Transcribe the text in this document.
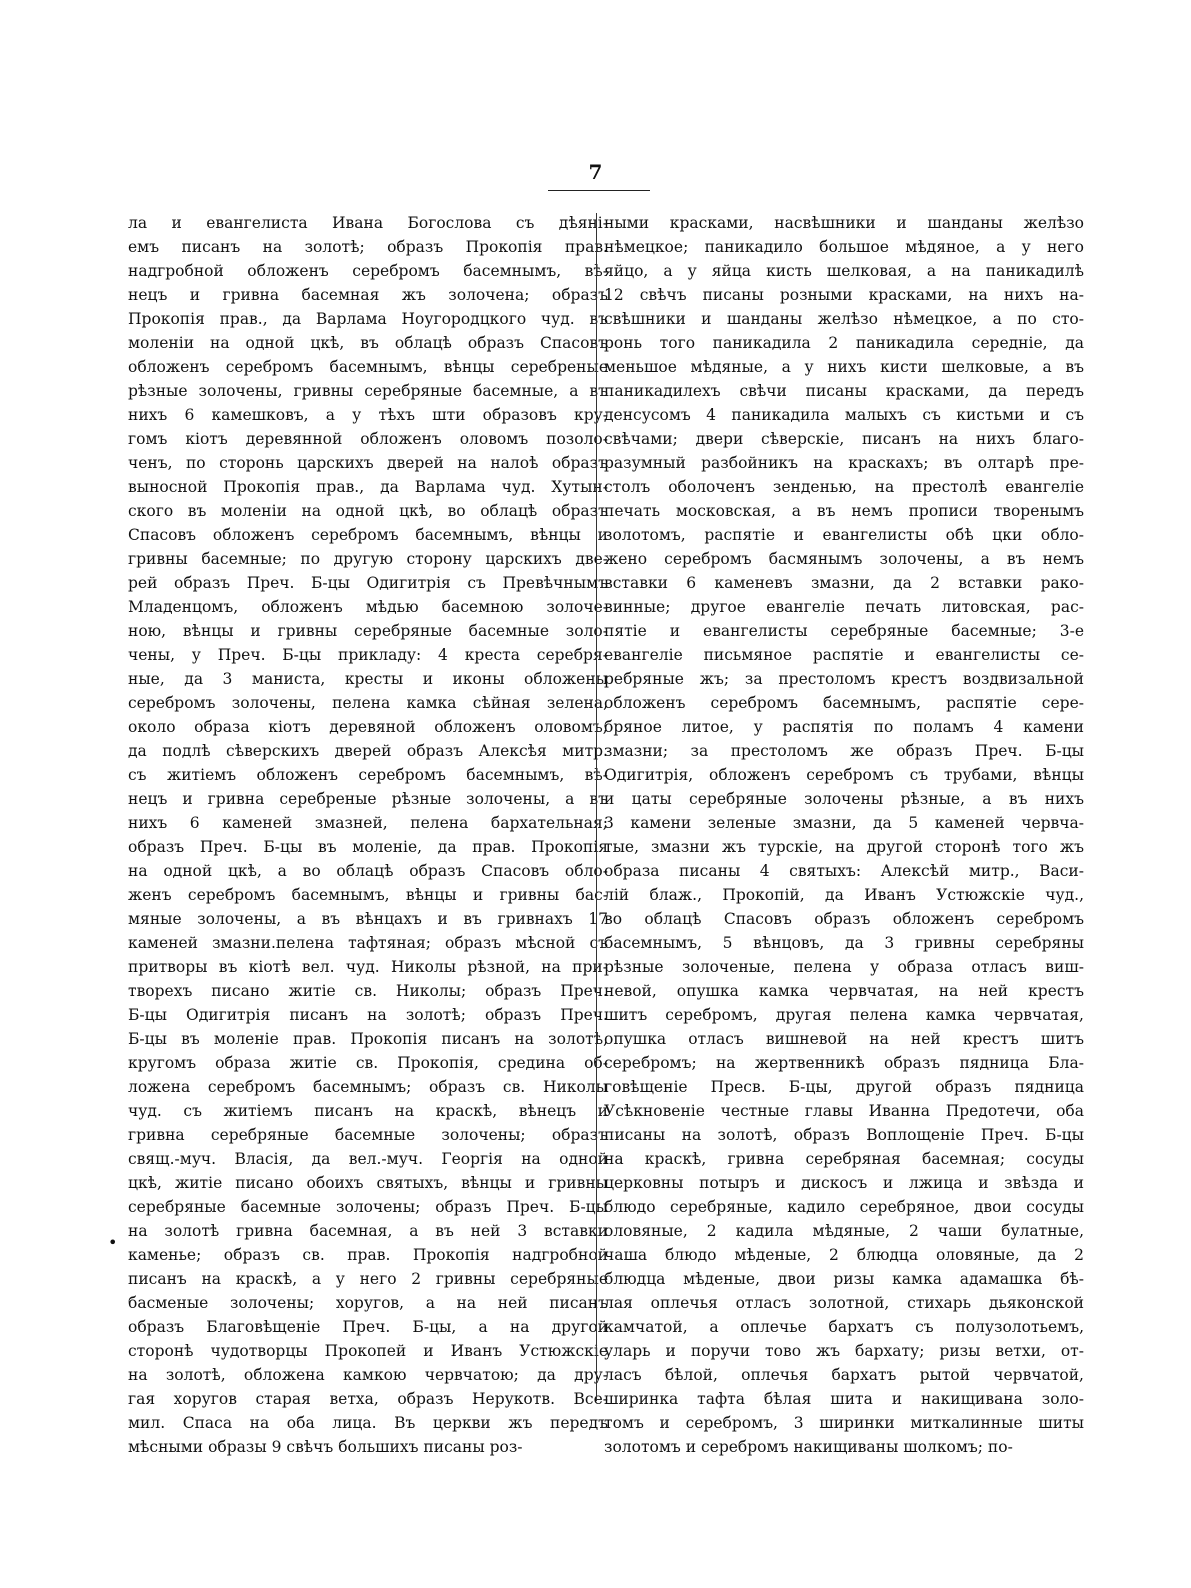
7
ла и евангелиста Ивана Богослова съ дѣяні-
емъ писанъ на золотѣ; образъ Прокопія прав.
надгробной обложенъ серебромъ басемнымъ, вѣ-
нецъ и гривна басемная жъ золочена; образъ
Прокопія прав., да Варлама Ноугородцкого чуд. въ
моленіи на одной цкѣ, въ облацѣ образъ Спасовъ
обложенъ серебромъ басемнымъ, вѣнцы серебреные
рѣзные золочены, гривны серебряные басемные, а въ
нихъ 6 камешковъ, а у тѣхъ шти образовъ кру-
гомъ кіотъ деревянной обложенъ оловомъ позоло-
ченъ, по сторонь царскихъ дверей на налоѣ образъ
выносной Прокопія прав., да Варлама чуд. Хутын-
ского въ моленіи на одной цкѣ, во облацѣ образъ
Спасовъ обложенъ серебромъ басемнымъ, вѣнцы и
гривны басемные; по другую сторону царскихъ две-
рей образъ Преч. Б-цы Одигитрія съ Превѣчнымъ
Младенцомъ, обложенъ мѣдью басемною золоче-
ною, вѣнцы и гривны серебряные басемные золо-
чены, у Преч. Б-цы прикладу: 4 креста серебря-
ные, да 3 маниста, кресты и иконы обложены
серебромъ золочены, пелена камка сѣйная зелена,
около образа кіотъ деревяной обложенъ оловомъ;
да подлѣ сѣверскихъ дверей образъ Алексѣя митр.
съ житіемъ обложенъ серебромъ басемнымъ, вѣ-
нецъ и гривна серебреные рѣзные золочены, а въ
нихъ 6 каменей змазней, пелена бархательная;
образъ Преч. Б-цы въ моленіе, да прав. Прокопія
на одной цкѣ, а во облацѣ образъ Спасовъ обло-
женъ серебромъ басемнымъ, вѣнцы и гривны бас-
мяные золочены, а въ вѣнцахъ и въ гривнахъ 17
каменей змазни.пелена тафтяная; образъ мѣсной съ
притворы въ кіотѣ вел. чуд. Николы рѣзной, на при-
творехъ писано житіе св. Николы; образъ Преч.
Б-цы Одигитрія писанъ на золотѣ; образъ Преч.
Б-цы въ моленіе прав. Прокопія писанъ на золотѣ,
кругомъ образа житіе св. Прокопія, средина об-
ложена серебромъ басемнымъ; образъ св. Николы
чуд. съ житіемъ писанъ на краскѣ, вѣнецъ и
гривна серебряные басемные золочены; образъ
свящ.-муч. Власія, да вел.-муч. Георгія на одной
цкѣ, житіе писано обоихъ святыхъ, вѣнцы и гривны
серебряные басемные золочены; образъ Преч. Б-цы
на золотѣ гривна басемная, а въ ней 3 вставки
каменье; образъ св. прав. Прокопія надгробной
писанъ на краскѣ, а у него 2 гривны серебряные
басменые золочены; хоругов, а на ней писанъ
образъ Благовѣщеніе Преч. Б-цы, а на другой
сторонѣ чудотворцы Прокопей и Иванъ Устюжскіе
на золотѣ, обложена камкою червчатою; да дру-
гая хоругов старая ветха, образъ Нерукотв. Все-
мил. Спаса на оба лица. Въ церкви жъ передъ
мѣсными образы 9 свѣчъ большихъ писаны роз-
ными красками, насвѣшники и шанданы желѣзо
нѣмецкое; паникадило большое мѣдяное, а у него
яйцо, а у яйца кисть шелковая, а на паникадилѣ
12 свѣчъ писаны розными красками, на нихъ на-
свѣшники и шанданы желѣзо нѣмецкое, а по сто-
ронь того паникадила 2 паникадила середніе, да
меньшое мѣдяные, а у нихъ кисти шелковые, а въ
паникадилехъ свѣчи писаны красками, да передъ
денсусомъ 4 паникадила малыхъ съ кистьми и съ
свѣчами; двери сѣверскіе, писанъ на нихъ благо-
разумный разбойникъ на краскахъ; въ олтарѣ пре-
столъ оболоченъ зенденью, на престолѣ евангеліе
печать московская, а въ немъ прописи творенымъ
золотомъ, распятіе и евангелисты обѣ цки обло-
жено серебромъ басмянымъ золочены, а въ немъ
вставки 6 каменевъ змазни, да 2 вставки рако-
винные; другое евангеліе печать литовская, рас-
пятіе и евангелисты серебряные басемные; 3-е
евангеліе письмяное распятіе и евангелисты се-
ребряные жъ; за престоломъ крестъ воздвизальной
обложенъ серебромъ басемнымъ, распятіе сере-
бряное литое, у распятія по поламъ 4 камени
змазни; за престоломъ же образъ Преч. Б-цы
Одигитрія, обложенъ серебромъ съ трубами, вѣнцы
и цаты серебряные золочены рѣзные, а въ нихъ
3 камени зеленые змазни, да 5 каменей червча-
тые, змазни жъ турскіе, на другой сторонѣ того жъ
образа писаны 4 святыхъ: Алексѣй митр., Васи-
лій блаж., Прокопій, да Иванъ Устюжскіе чуд.,
во облацѣ Спасовъ образъ обложенъ серебромъ
басемнымъ, 5 вѣнцовъ, да 3 гривны серебряны
рѣзные золоченые, пелена у образа отласъ виш-
невой, опушка камка червчатая, на ней крестъ
шитъ серебромъ, другая пелена камка червчатая,
опушка отласъ вишневой на ней крестъ шитъ
серебромъ; на жертвенникѣ образъ пядница Бла-
говѣщеніе Пресв. Б-цы, другой образъ пядница
Усѣкновеніе честные главы Иванна Предотечи, оба
писаны на золотѣ, образъ Воплощеніе Преч. Б-цы
на краскѣ, гривна серебряная басемная; сосуды
церковны потыръ и дискосъ и лжица и звѣзда и
блюдо серебряные, кадило серебряное, двои сосуды
оловяные, 2 кадила мѣдяные, 2 чаши булатные,
чаша блюдо мѣденые, 2 блюдца оловяные, да 2
блюдца мѣденые, двои ризы камка адамашка бѣ-
лая оплечья отласъ золотной, стихарь дьяконской
камчатой, а оплечье бархатъ съ полузолотьемъ,
уларь и поручи тово жъ бархату; ризы ветхи, от-
ласъ бѣлой, оплечья бархатъ рытой червчатой,
ширинка тафта бѣлая шита и накищивана золо-
томъ и серебромъ, 3 ширинки миткалинные шиты
золотомъ и серебромъ накищиваны шолкомъ; по-
•
